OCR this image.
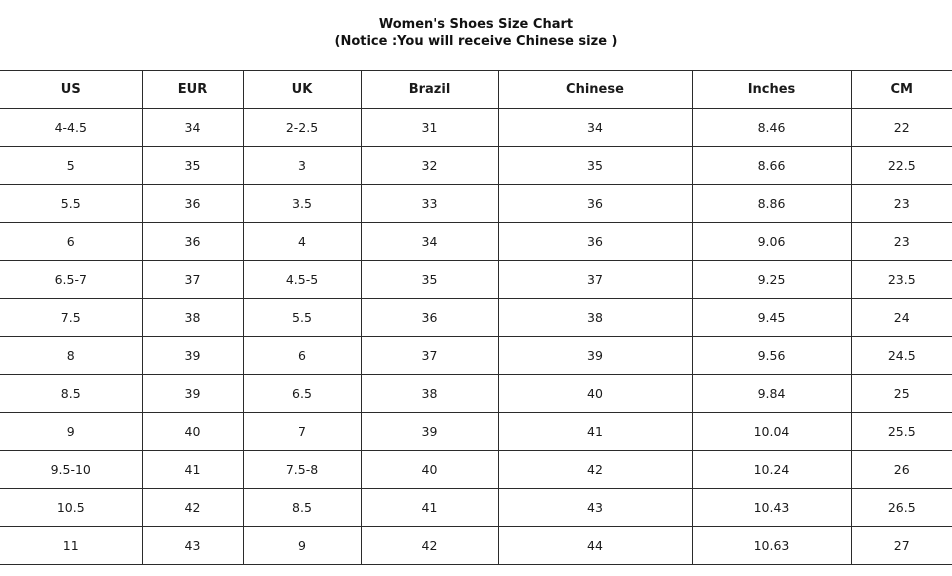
Women's Shoes Size Chart
(Notice :You will receive Chinese size )
US	EUR	UK	Brazil	Chinese	Inches	CM
4-4.5	34	2-2.5	31	34	8.46	22
5	35	3	32	35	8.66	22.5
5.5	36	3.5	33	36	8.86	23
6	36	4	34	36	9.06	23
6.5-7	37	4.5-5	35	37	9.25	23.5
7.5	38	5.5	36	38	9.45	24
8	39	6	37	39	9.56	24.5
8.5	39	6.5	38	40	9.84	25
9	40	7	39	41	10.04	25.5
9.5-10	41	7.5-8	40	42	10.24	26
10.5	42	8.5	41	43	10.43	26.5
11	43	9	42	44	10.63	27
